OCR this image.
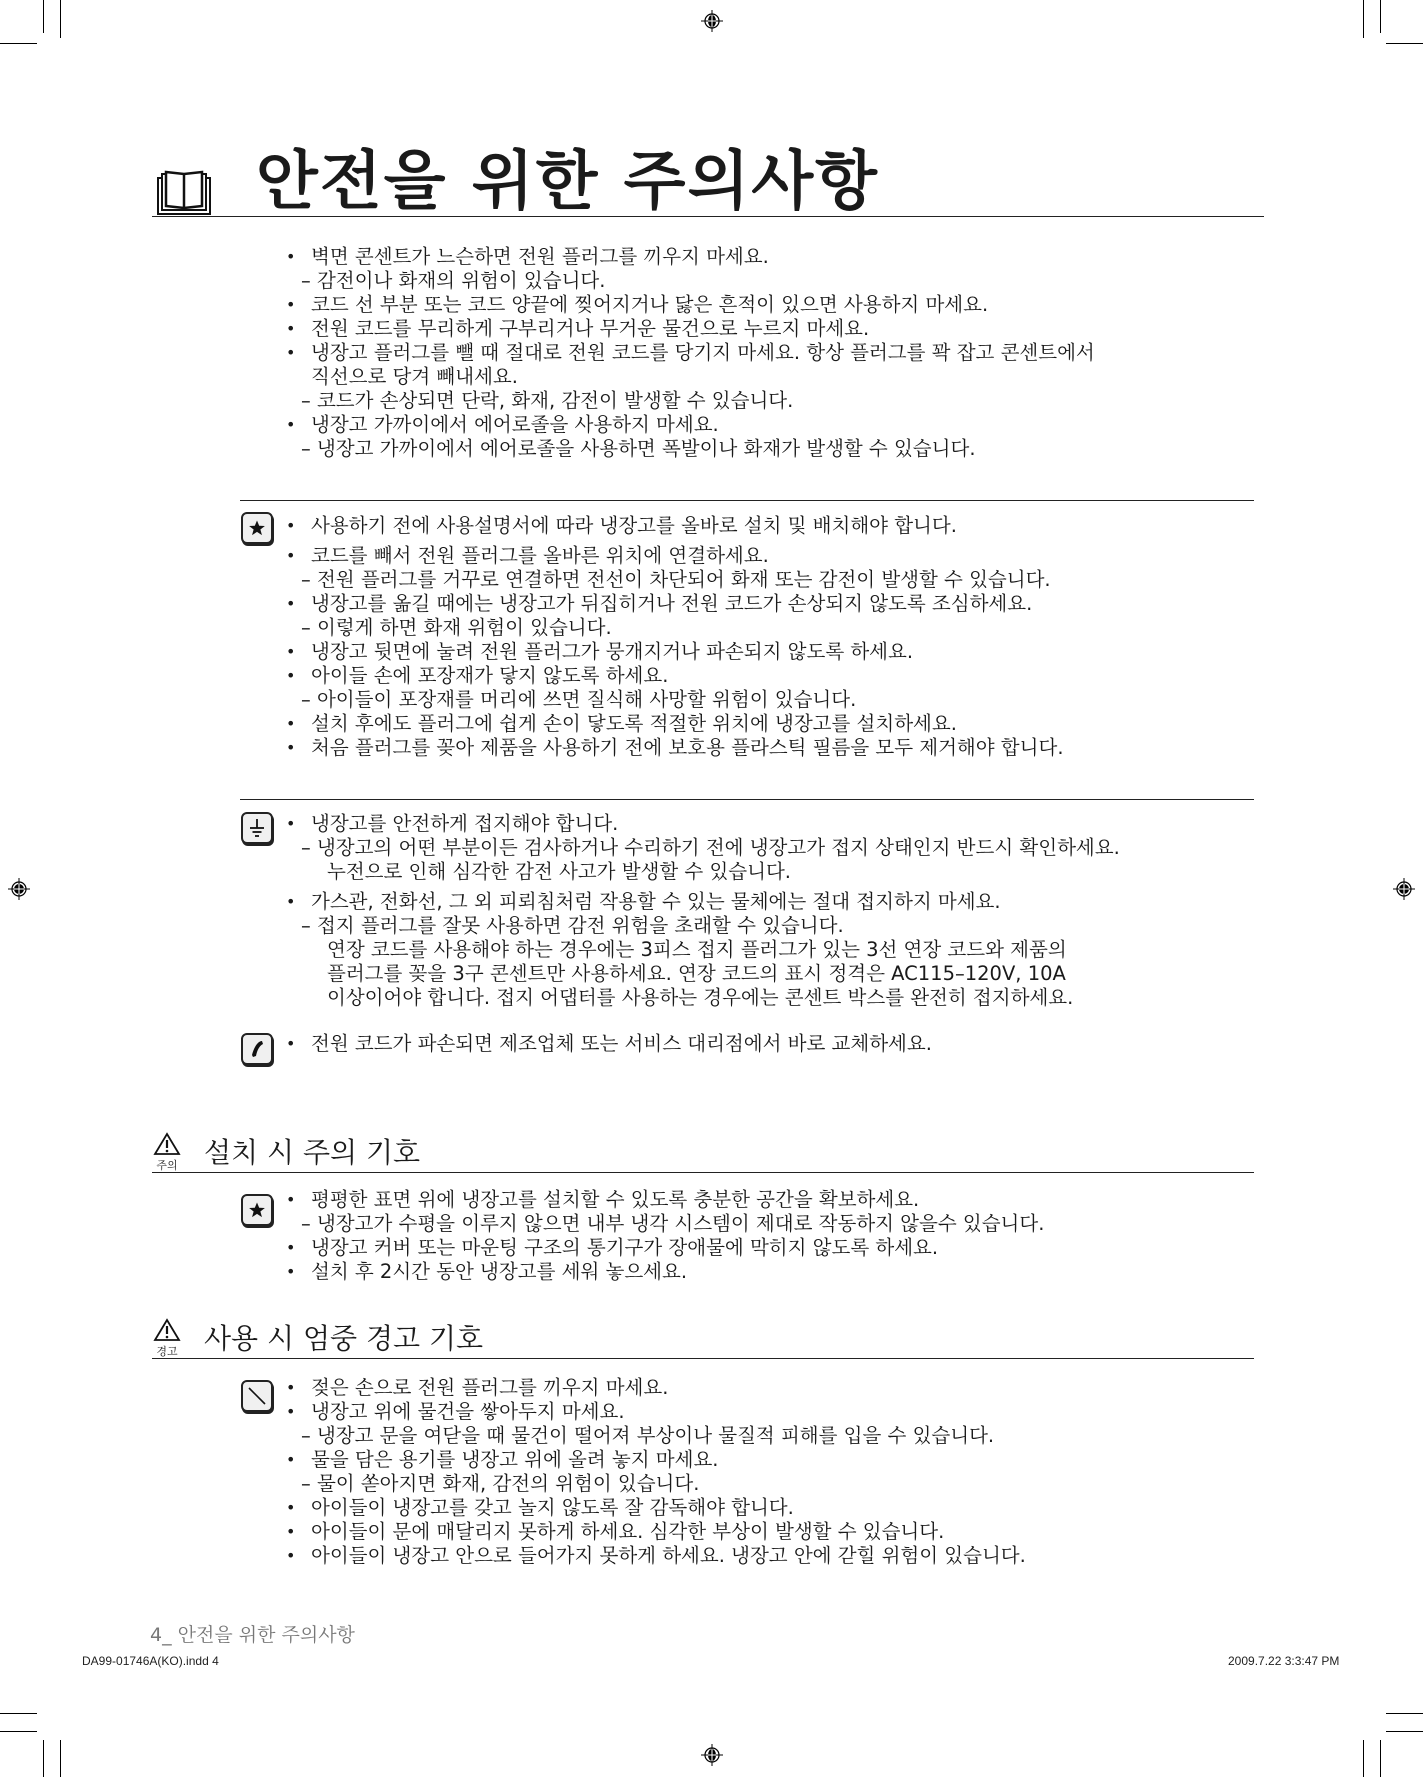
안전을 위한 주의사항
• 벽면 콘센트가 느슨하면 전원 플러그를 끼우지 마세요.
– 감전이나 화재의 위험이 있습니다.
• 코드 선 부분 또는 코드 양끝에 찢어지거나 닳은 흔적이 있으면 사용하지 마세요.
• 전원 코드를 무리하게 구부리거나 무거운 물건으로 누르지 마세요.
• 냉장고 플러그를 뺄 때 절대로 전원 코드를 당기지 마세요. 항상 플러그를 꽉 잡고 콘센트에서
직선으로 당겨 빼내세요.
– 코드가 손상되면 단락, 화재, 감전이 발생할 수 있습니다.
• 냉장고 가까이에서 에어로졸을 사용하지 마세요.
– 냉장고 가까이에서 에어로졸을 사용하면 폭발이나 화재가 발생할 수 있습니다.
• 사용하기 전에 사용설명서에 따라 냉장고를 올바로 설치 및 배치해야 합니다.
• 코드를 빼서 전원 플러그를 올바른 위치에 연결하세요.
– 전원 플러그를 거꾸로 연결하면 전선이 차단되어 화재 또는 감전이 발생할 수 있습니다.
• 냉장고를 옮길 때에는 냉장고가 뒤집히거나 전원 코드가 손상되지 않도록 조심하세요.
– 이렇게 하면 화재 위험이 있습니다.
• 냉장고 뒷면에 눌려 전원 플러그가 뭉개지거나 파손되지 않도록 하세요.
• 아이들 손에 포장재가 닿지 않도록 하세요.
– 아이들이 포장재를 머리에 쓰면 질식해 사망할 위험이 있습니다.
• 설치 후에도 플러그에 쉽게 손이 닿도록 적절한 위치에 냉장고를 설치하세요.
• 처음 플러그를 꽂아 제품을 사용하기 전에 보호용 플라스틱 필름을 모두 제거해야 합니다.
• 냉장고를 안전하게 접지해야 합니다.
– 냉장고의 어떤 부분이든 검사하거나 수리하기 전에 냉장고가 접지 상태인지 반드시 확인하세요.
누전으로 인해 심각한 감전 사고가 발생할 수 있습니다.
• 가스관, 전화선, 그 외 피뢰침처럼 작용할 수 있는 물체에는 절대 접지하지 마세요.
– 접지 플러그를 잘못 사용하면 감전 위험을 초래할 수 있습니다.
연장 코드를 사용해야 하는 경우에는 3피스 접지 플러그가 있는 3선 연장 코드와 제품의
플러그를 꽂을 3구 콘센트만 사용하세요. 연장 코드의 표시 정격은 AC115–120V, 10A
이상이어야 합니다. 접지 어댑터를 사용하는 경우에는 콘센트 박스를 완전히 접지하세요.
• 전원 코드가 파손되면 제조업체 또는 서비스 대리점에서 바로 교체하세요.
주의 설치 시 주의 기호
• 평평한 표면 위에 냉장고를 설치할 수 있도록 충분한 공간을 확보하세요.
– 냉장고가 수평을 이루지 않으면 내부 냉각 시스템이 제대로 작동하지 않을수 있습니다.
• 냉장고 커버 또는 마운팅 구조의 통기구가 장애물에 막히지 않도록 하세요.
• 설치 후 2시간 동안 냉장고를 세워 놓으세요.
경고 사용 시 엄중 경고 기호
• 젖은 손으로 전원 플러그를 끼우지 마세요.
• 냉장고 위에 물건을 쌓아두지 마세요.
– 냉장고 문을 여닫을 때 물건이 떨어져 부상이나 물질적 피해를 입을 수 있습니다.
• 물을 담은 용기를 냉장고 위에 올려 놓지 마세요.
– 물이 쏟아지면 화재, 감전의 위험이 있습니다.
• 아이들이 냉장고를 갖고 놀지 않도록 잘 감독해야 합니다.
• 아이들이 문에 매달리지 못하게 하세요. 심각한 부상이 발생할 수 있습니다.
• 아이들이 냉장고 안으로 들어가지 못하게 하세요. 냉장고 안에 갇힐 위험이 있습니다.
4_ 안전을 위한 주의사항
DA99-01746A(KO).indd 4	2009.7.22 3:3:47 PM
